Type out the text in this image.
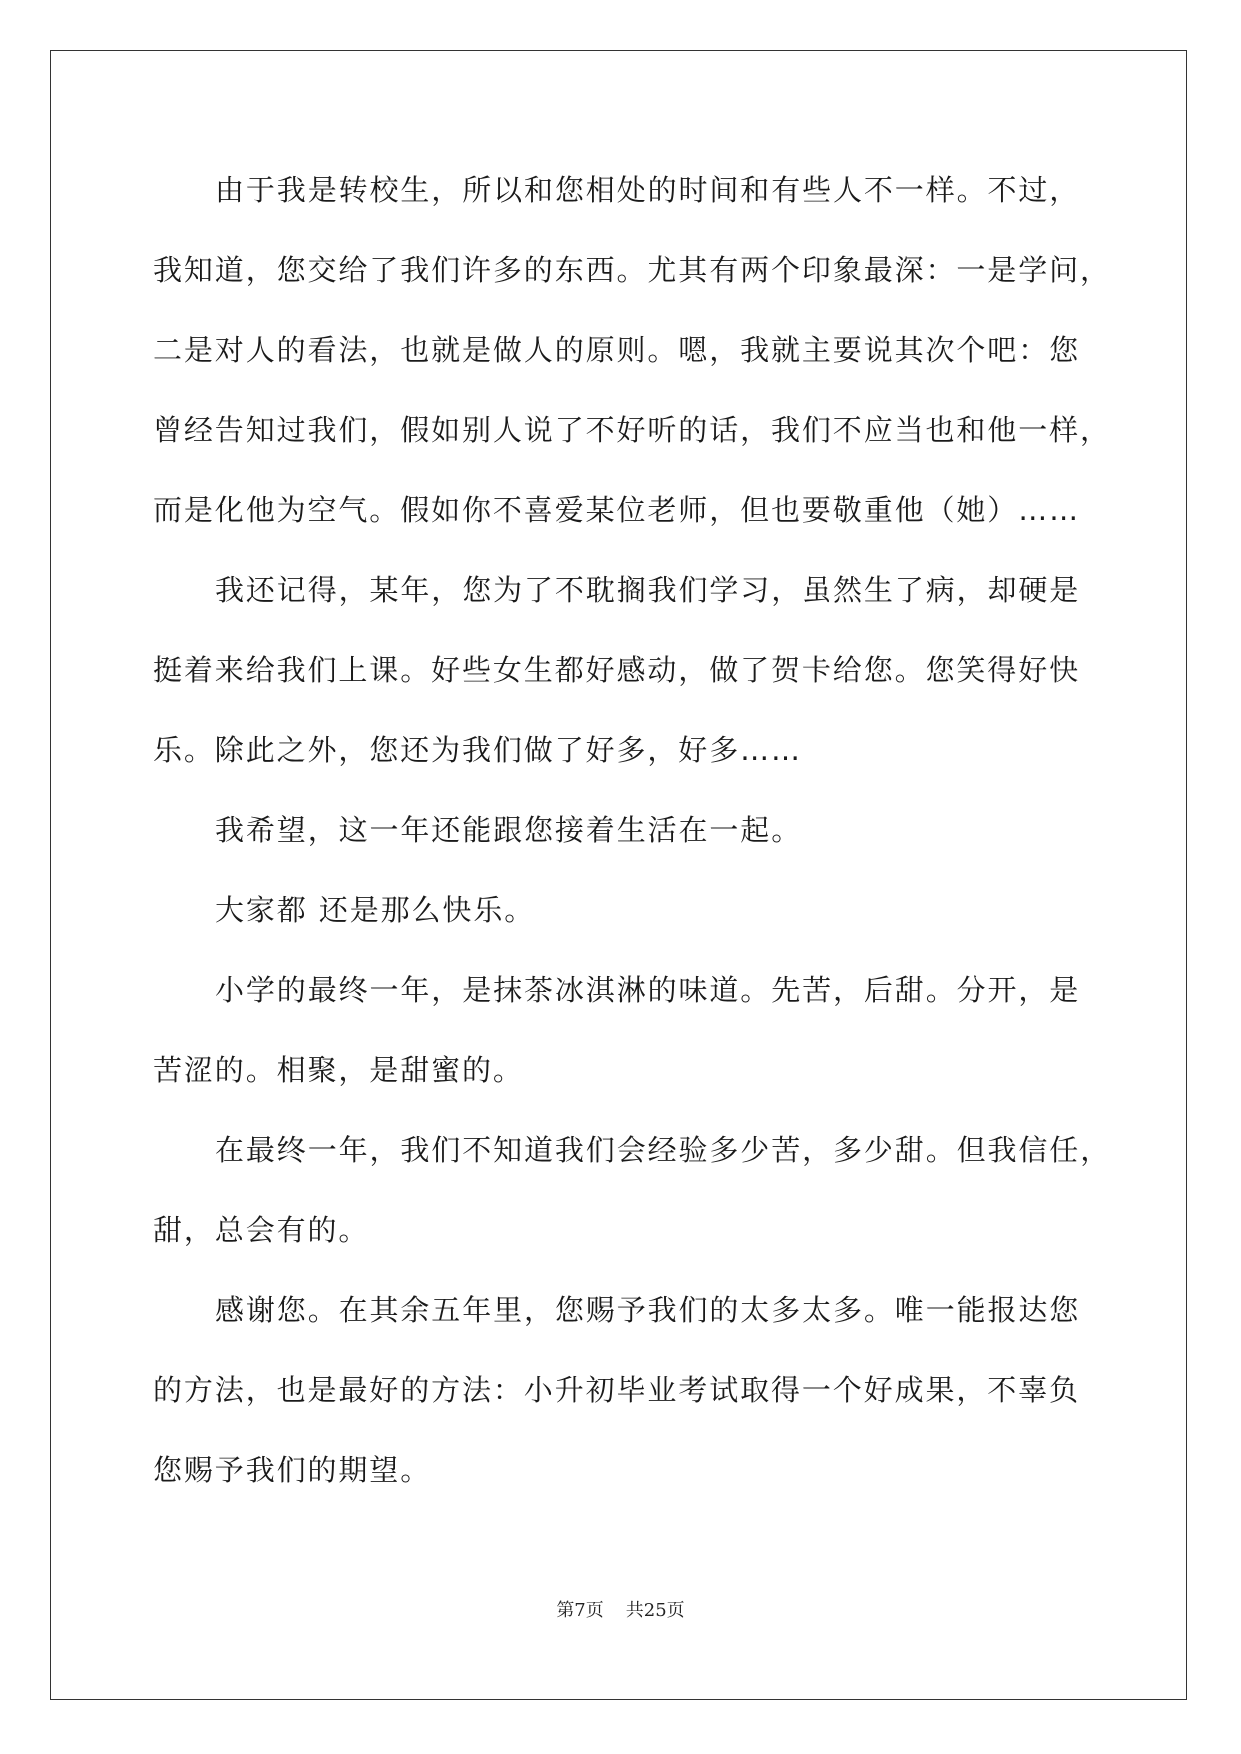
由于我是转校生，所以和您相处的时间和有些人不一样。不过，
我知道，您交给了我们许多的东西。尤其有两个印象最深：一是学问，
二是对人的看法，也就是做人的原则。嗯，我就主要说其次个吧：您
曾经告知过我们，假如别人说了不好听的话，我们不应当也和他一样，
而是化他为空气。假如你不喜爱某位老师，但也要敬重他（她）……
我还记得，某年，您为了不耽搁我们学习，虽然生了病，却硬是
挺着来给我们上课。好些女生都好感动，做了贺卡给您。您笑得好快
乐。除此之外，您还为我们做了好多，好多……
我希望，这一年还能跟您接着生活在一起。
大家都 还是那么快乐。
小学的最终一年，是抹茶冰淇淋的味道。先苦，后甜。分开，是
苦涩的。相聚，是甜蜜的。
在最终一年，我们不知道我们会经验多少苦，多少甜。但我信任，
甜，总会有的。
感谢您。在其余五年里，您赐予我们的太多太多。唯一能报达您
的方法，也是最好的方法：小升初毕业考试取得一个好成果，不辜负
您赐予我们的期望。
第7页 共25页
